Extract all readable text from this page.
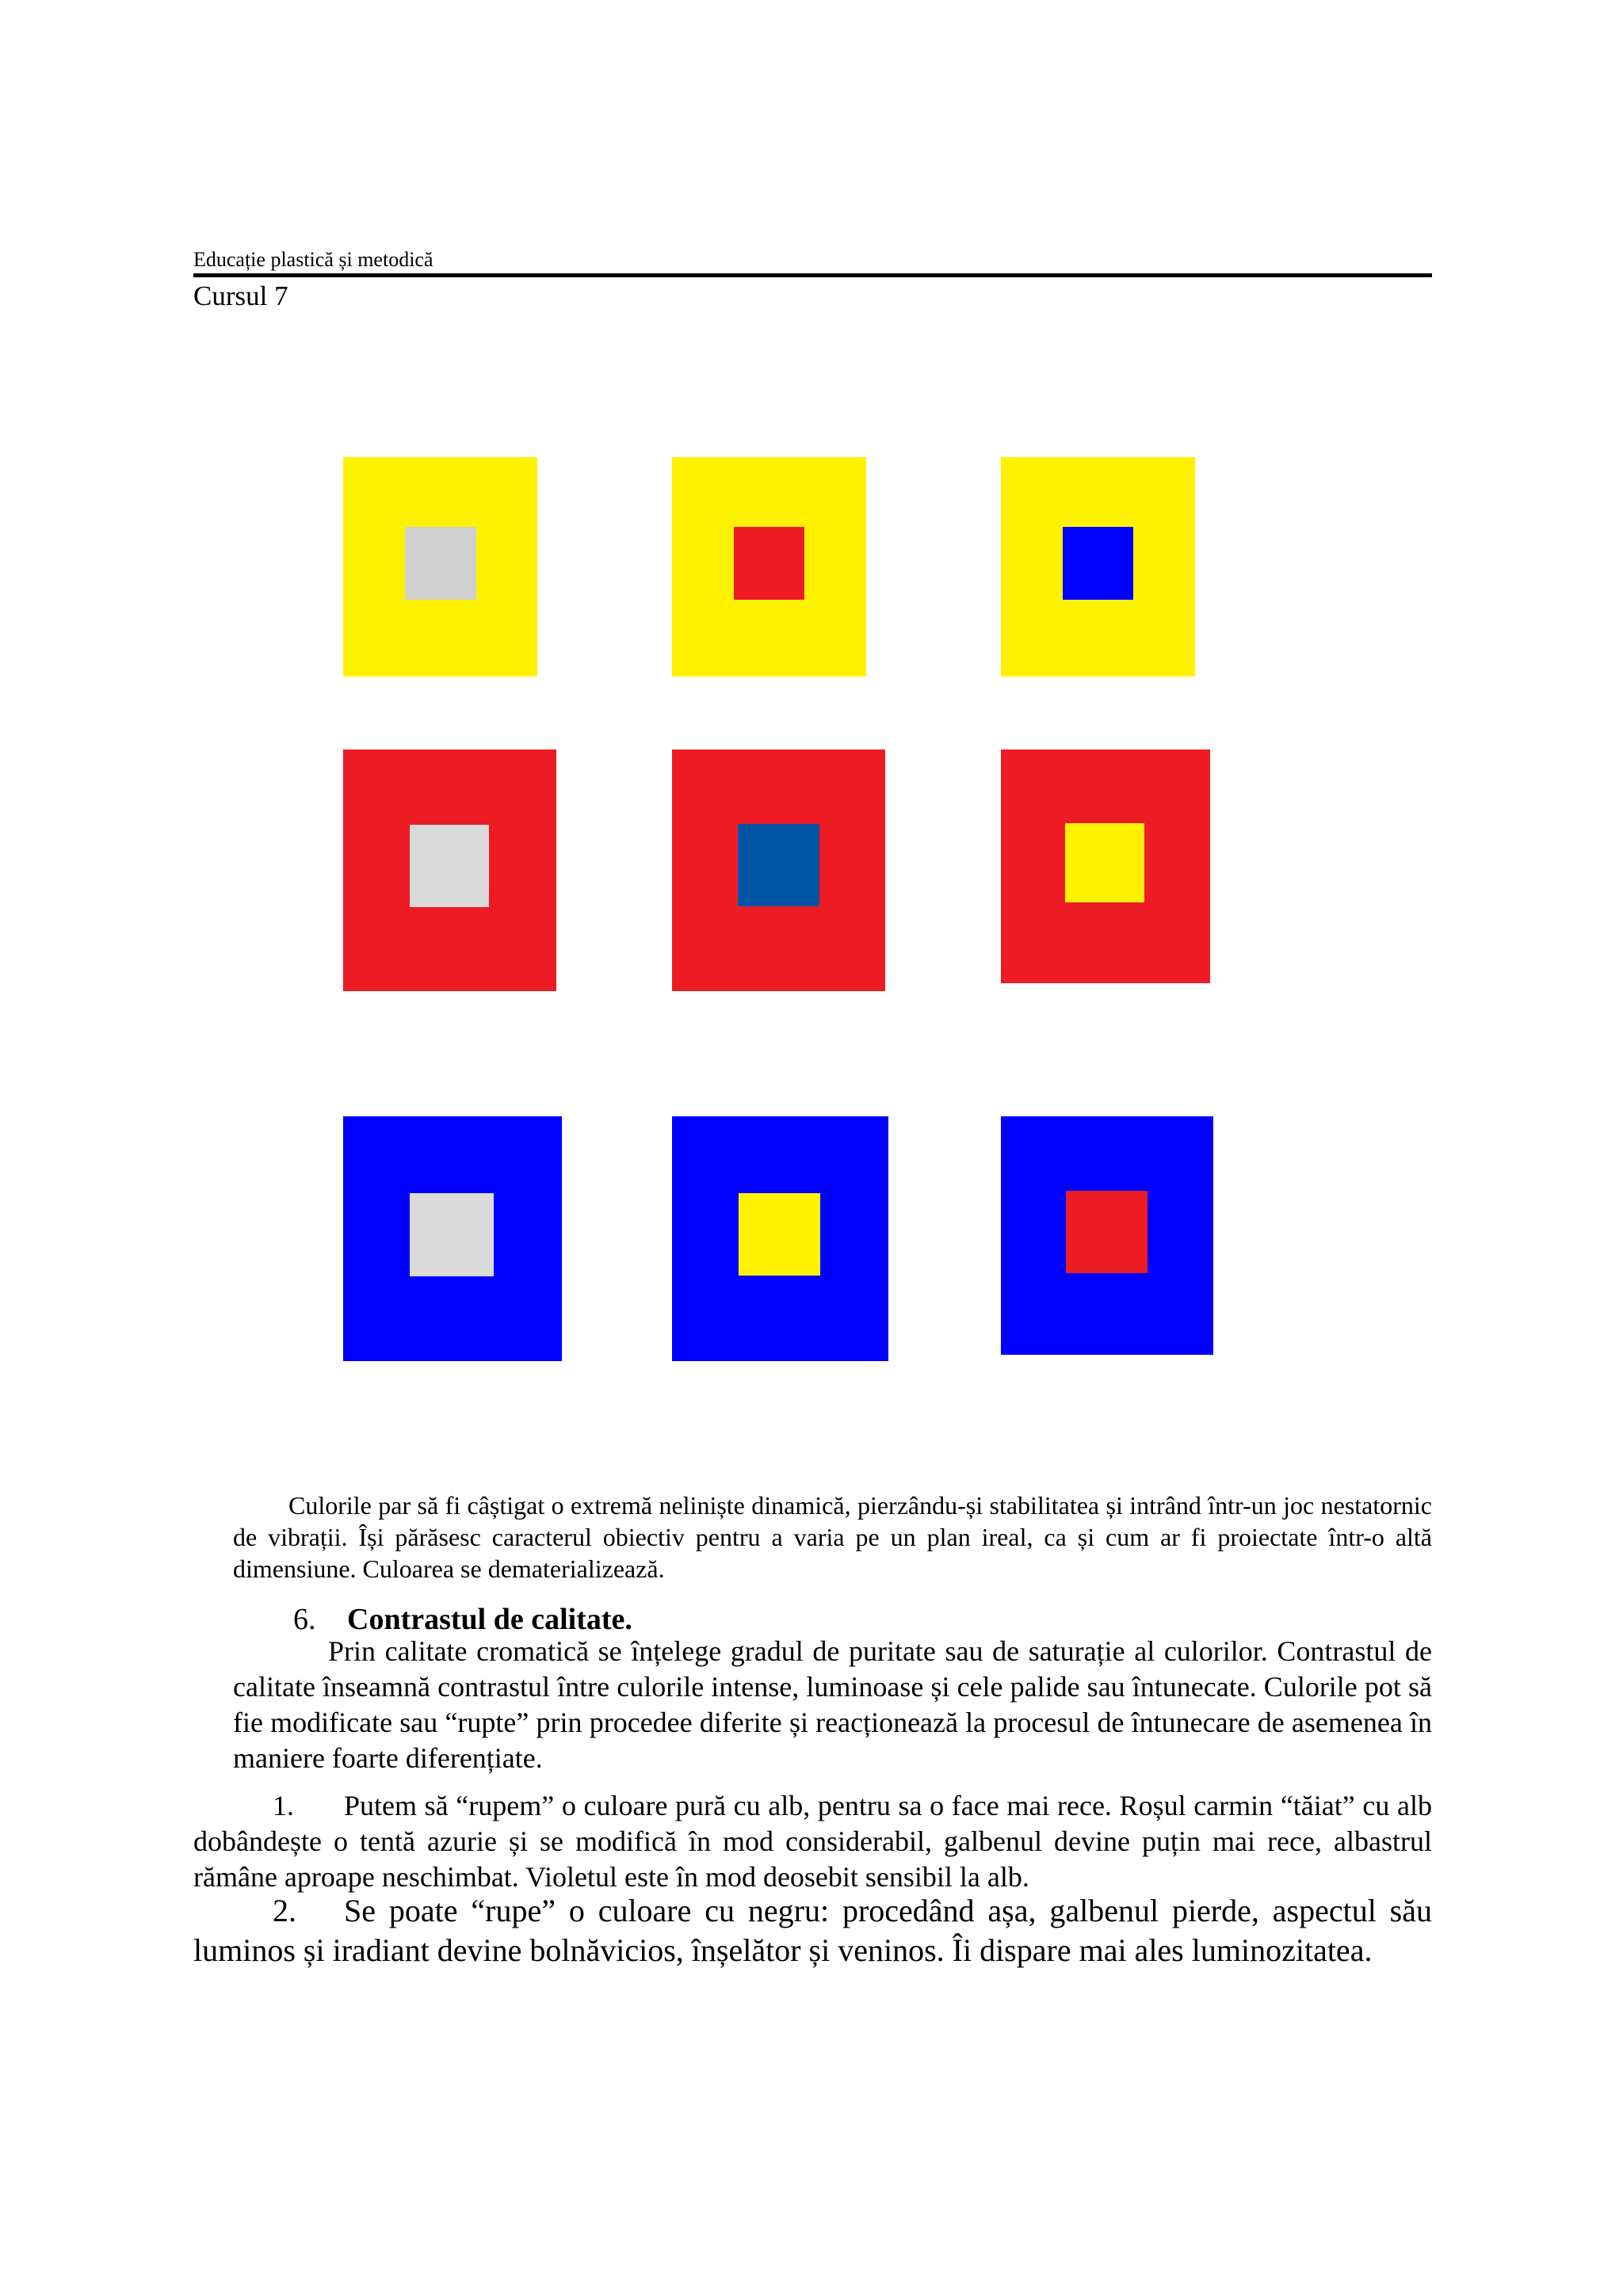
Educație plastică și metodică
Cursul 7

Culorile par să fi câștigat o extremă neliniște dinamică, pierzându-și stabilitatea și intrând într-un joc nestatornic de vibrații. Își părăsesc caracterul obiectiv pentru a varia pe un plan ireal, ca și cum ar fi proiectate într-o altă dimensiune. Culoarea se dematerializează.

6. Contrastul de calitate.

Prin calitate cromatică se înțelege gradul de puritate sau de saturație al culorilor. Contrastul de calitate înseamnă contrastul între culorile intense, luminoase și cele palide sau întunecate. Culorile pot să fie modificate sau “rupte” prin procedee diferite și reacționează la procesul de întunecare de asemenea în maniere foarte diferențiate.

1. Putem să “rupem” o culoare pură cu alb, pentru sa o face mai rece. Roșul carmin “tăiat” cu alb dobândește o tentă azurie și se modifică în mod considerabil, galbenul devine puțin mai rece, albastrul rămâne aproape neschimbat. Violetul este în mod deosebit sensibil la alb.

2. Se poate “rupe” o culoare cu negru: procedând așa, galbenul pierde, aspectul său luminos și iradiant devine bolnăvicios, înșelător și veninos. Îi dispare mai ales luminozitatea.
